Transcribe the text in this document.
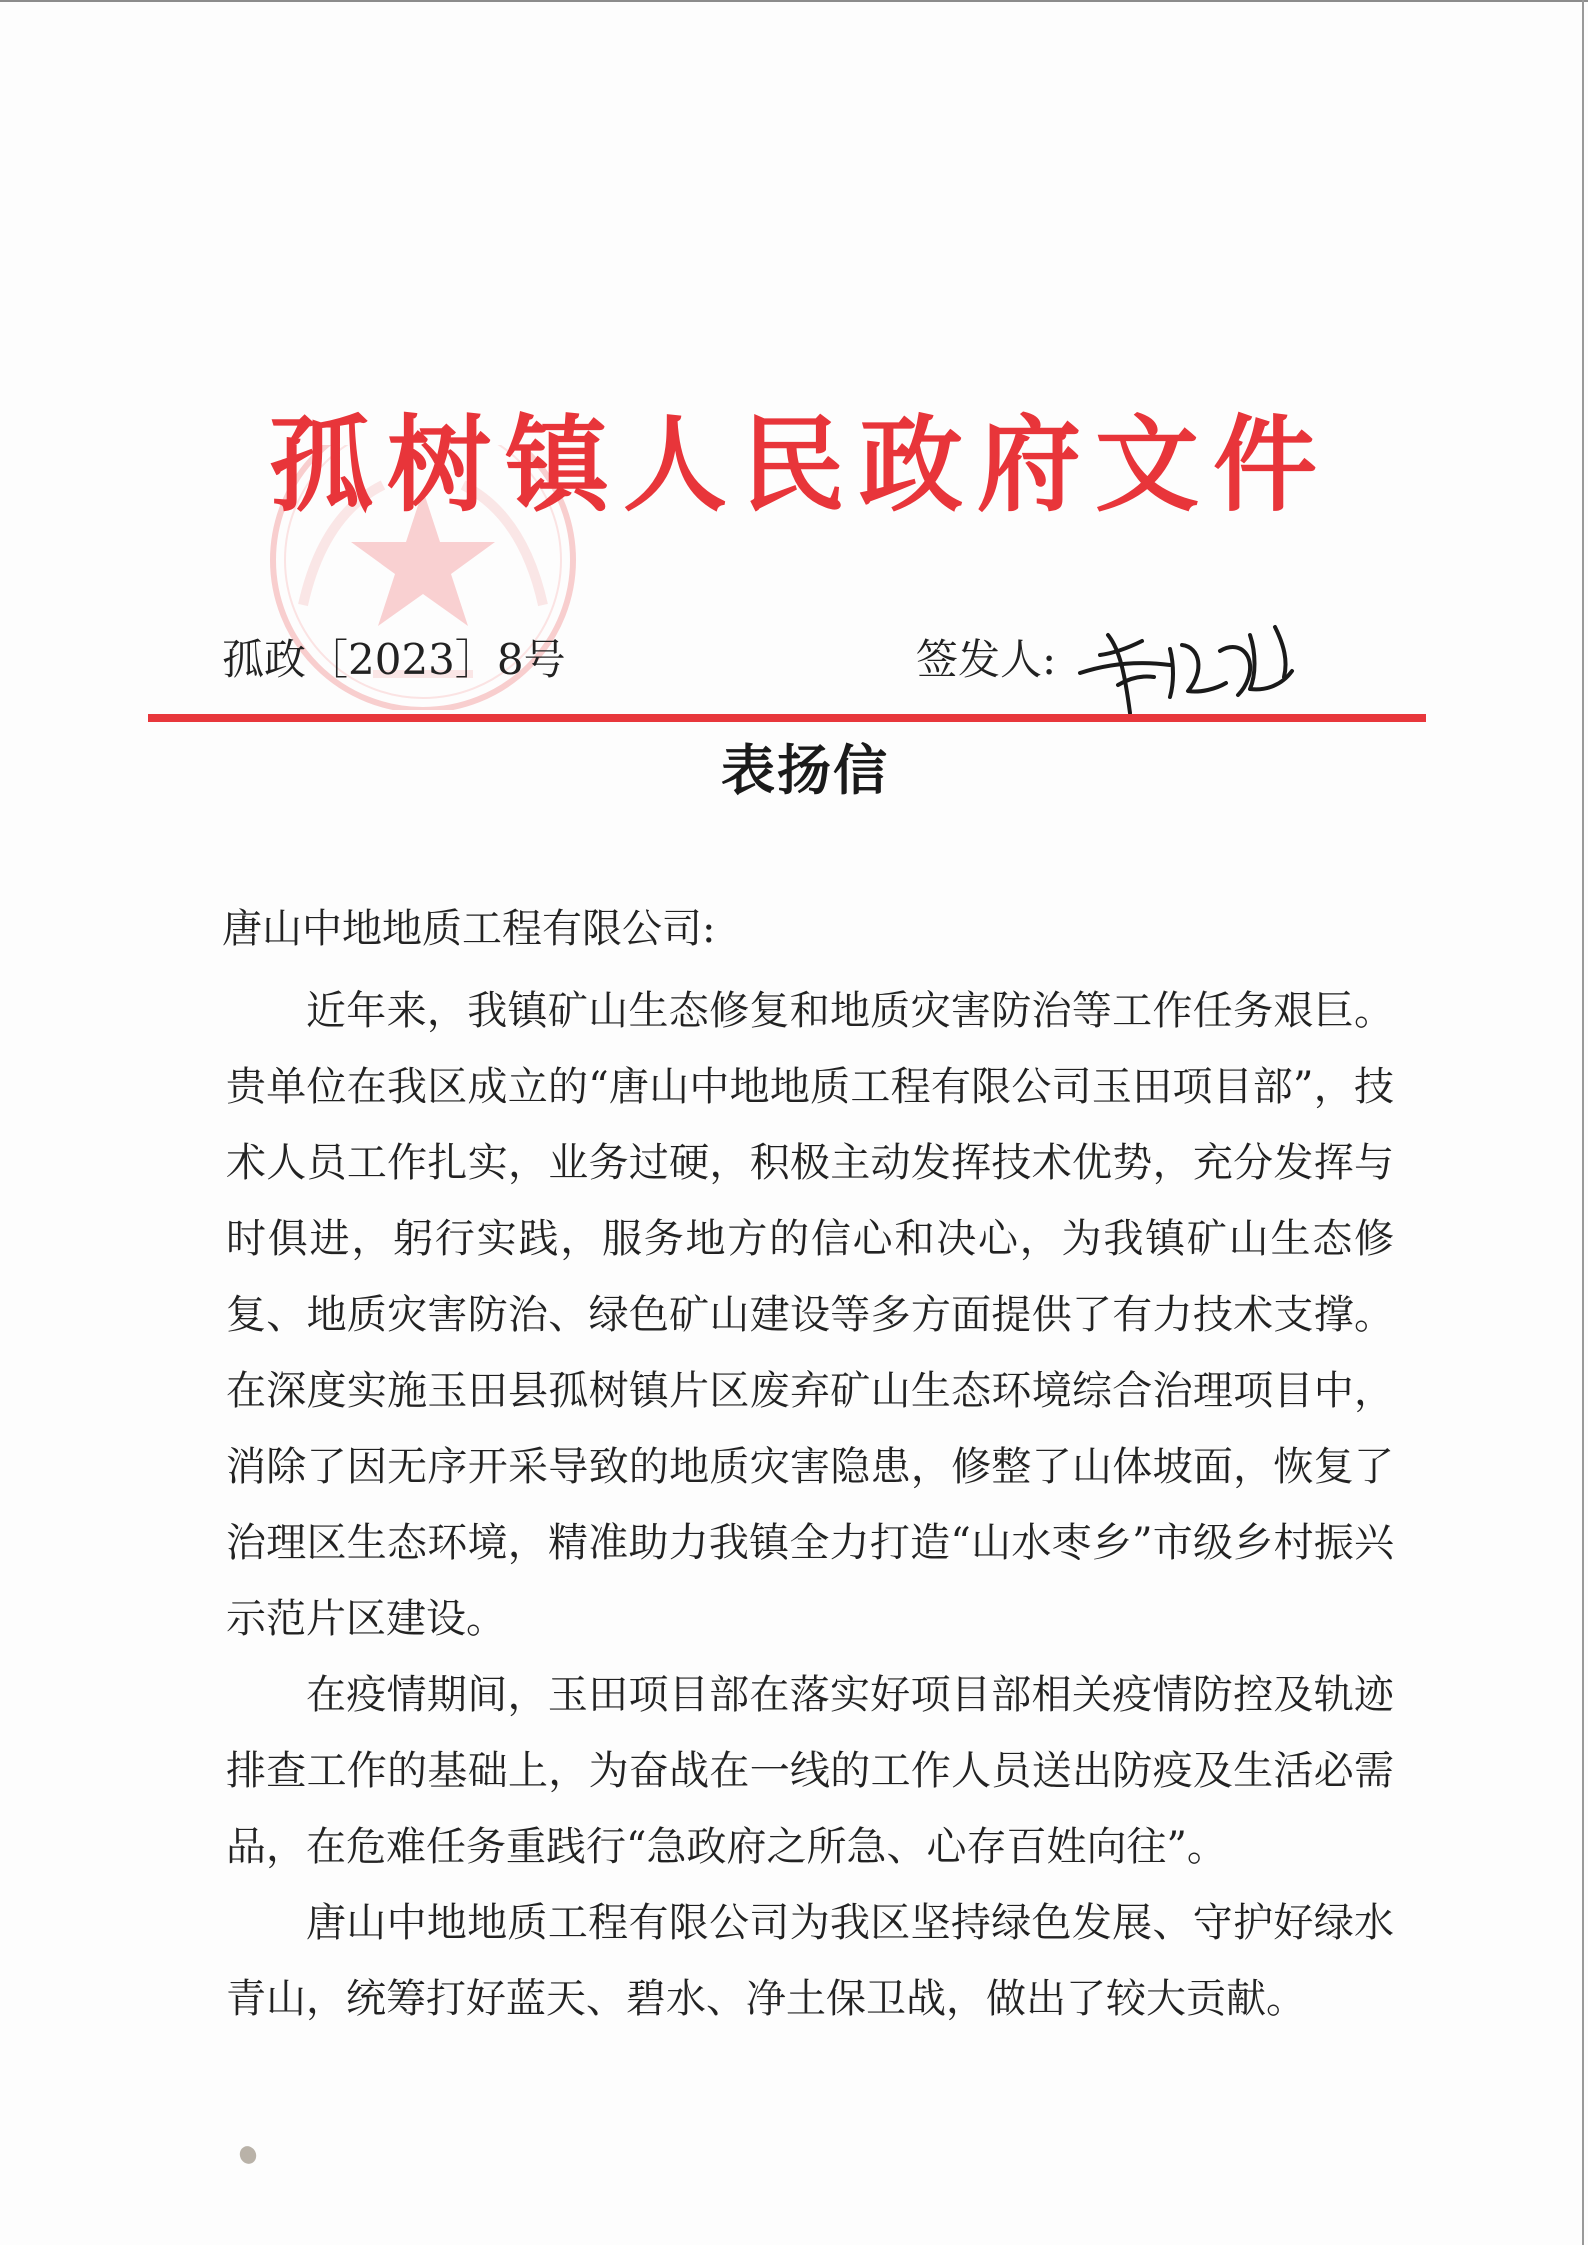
孤树镇人民政府文件
孤政［2023］8号	签发人:
表扬信
唐山中地地质工程有限公司:

近年来，我镇矿山生态修复和地质灾害防治等工作任务艰巨。贵单位在我区成立的“唐山中地地质工程有限公司玉田项目部”，技术人员工作扎实，业务过硬，积极主动发挥技术优势，充分发挥与时俱进，躬行实践，服务地方的信心和决心，为我镇矿山生态修复、地质灾害防治、绿色矿山建设等多方面提供了有力技术支撑。在深度实施玉田县孤树镇片区废弃矿山生态环境综合治理项目中，消除了因无序开采导致的地质灾害隐患，修整了山体坡面，恢复了治理区生态环境，精准助力我镇全力打造“山水枣乡”市级乡村振兴示范片区建设。

在疫情期间，玉田项目部在落实好项目部相关疫情防控及轨迹排查工作的基础上，为奋战在一线的工作人员送出防疫及生活必需品，在危难任务重践行“急政府之所急、心存百姓向往”。

唐山中地地质工程有限公司为我区坚持绿色发展、守护好绿水青山，统筹打好蓝天、碧水、净土保卫战，做出了较大贡献。
